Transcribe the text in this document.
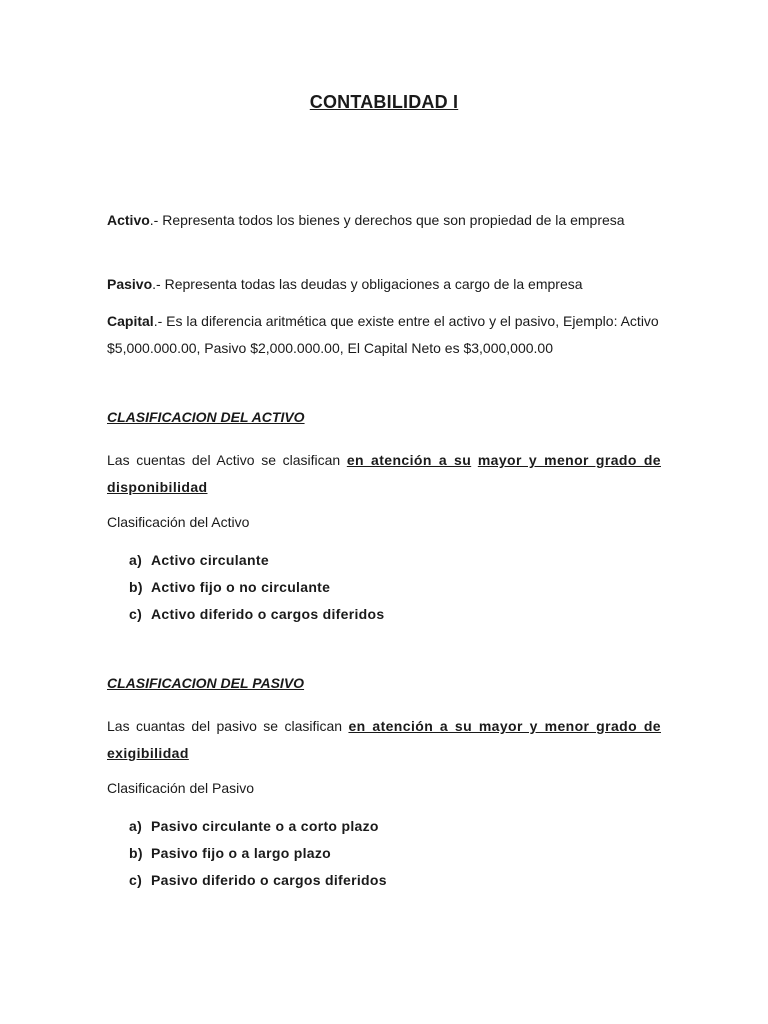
CONTABILIDAD I
Activo.- Representa todos los bienes y derechos que son propiedad de la empresa
Pasivo.- Representa todas las deudas y obligaciones a cargo de la empresa
Capital.- Es la diferencia aritmética que existe entre el activo y el pasivo, Ejemplo: Activo $5,000.000.00, Pasivo $2,000.000.00, El Capital Neto es $3,000,000.00
CLASIFICACION DEL ACTIVO
Las cuentas del Activo se clasifican en atención a su mayor y menor grado de disponibilidad
Clasificación del Activo
a) Activo circulante
b) Activo fijo o no circulante
c) Activo diferido o cargos diferidos
CLASIFICACION DEL PASIVO
Las cuantas del pasivo se clasifican en atención a su mayor y menor grado de exigibilidad
Clasificación del Pasivo
a) Pasivo circulante o a corto plazo
b) Pasivo fijo o a largo plazo
c) Pasivo diferido o cargos diferidos
